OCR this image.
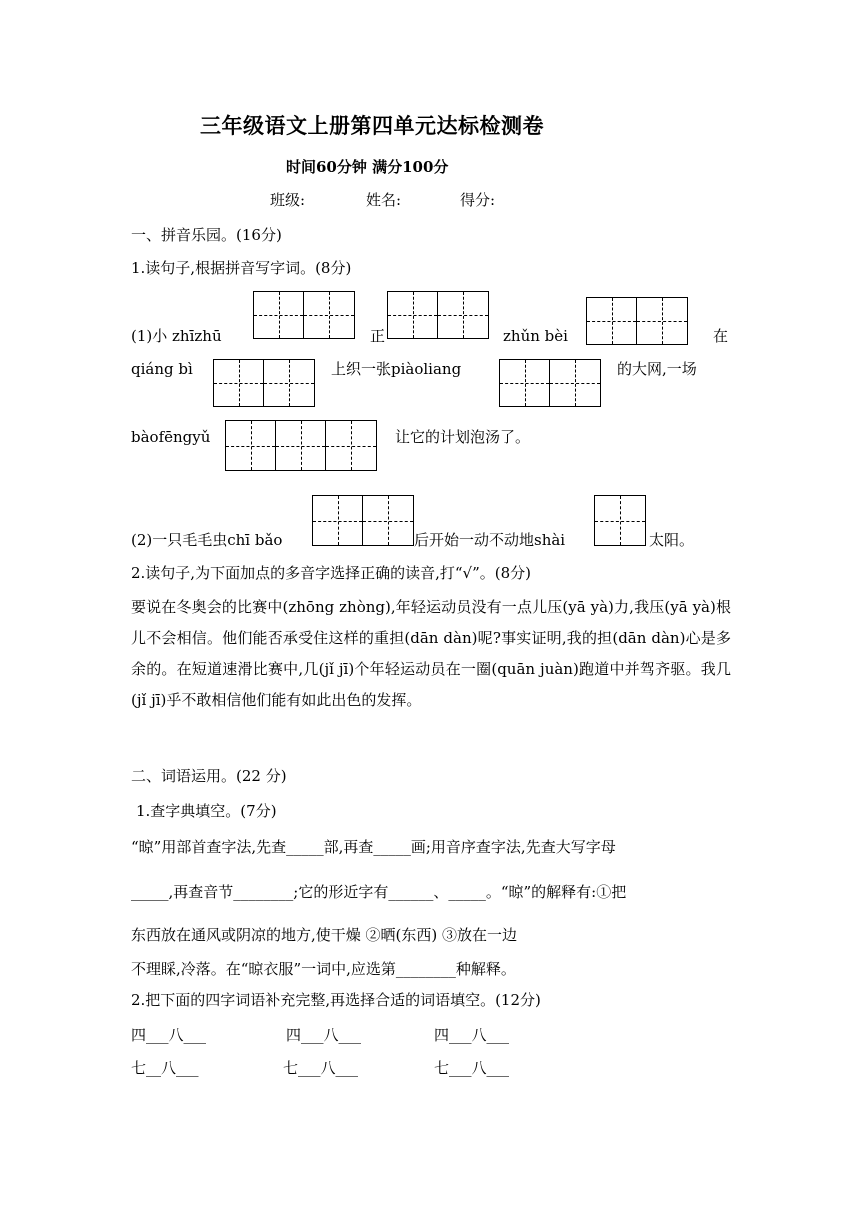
三年级语文上册第四单元达标检测卷
时间60分钟 满分100分
班级:	姓名:	得分:
一、拼音乐园。(16分)
1.读句子,根据拼音写字词。(8分)
(1)小 zhīzhū	正	zhǔn bèi	在
qiáng bì	上织一张piàoliang	的大网,一场
bàofēngyǔ	让它的计划泡汤了。
(2)一只毛毛虫chī bǎo	后开始一动不动地shài	太阳。
2.读句子,为下面加点的多音字选择正确的读音,打“√”。(8分)
要说在冬奥会的比赛中(zhōng zhòng),年轻运动员没有一点儿压(yā yà)力,我压(yā yà)根儿不会相信。他们能否承受住这样的重担(dān dàn)呢?事实证明,我的担(dān dàn)心是多余的。在短道速滑比赛中,几(jǐ jī)个年轻运动员在一圈(quān juàn)跑道中并驾齐驱。我几(jǐ jī)乎不敢相信他们能有如此出色的发挥。
二、词语运用。(22 分)
1.查字典填空。(7分)
“晾”用部首查字法,先查_____部,再查_____画;用音序查字法,先查大写字母
_____,再查音节________;它的形近字有______、_____。“晾”的解释有:①把
东西放在通风或阴凉的地方,使干燥 ②晒(东西) ③放在一边
不理睬,冷落。在“晾衣服”一词中,应选第________种解释。
2.把下面的四字词语补充完整,再选择合适的词语填空。(12分)
四___八___	四___八___	四___八___
七__八___	七___八___	七___八___
